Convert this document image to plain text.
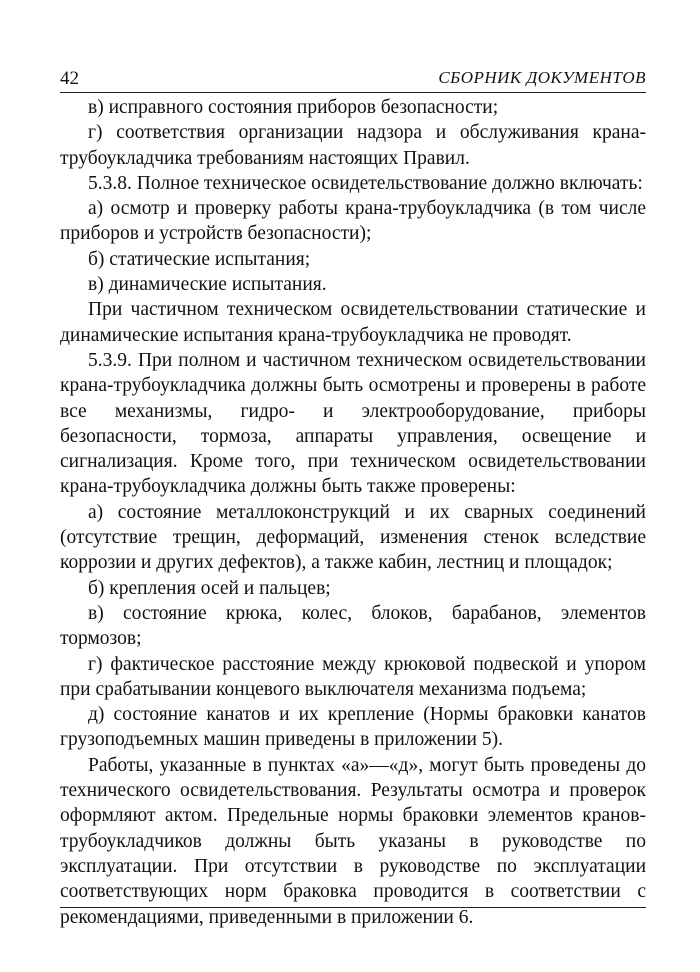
42	СБОРНИК ДОКУМЕНТОВ

в) исправного состояния приборов безопасности;

г) соответствия организации надзора и обслуживания крана-трубоукладчика требованиям настоящих Правил.

5.3.8. Полное техническое освидетельствование должно включать:

а) осмотр и проверку работы крана-трубоукладчика (в том числе приборов и устройств безопасности);

б) статические испытания;

в) динамические испытания.

При частичном техническом освидетельствовании статические и динамические испытания крана-трубоукладчика не проводят.

5.3.9. При полном и частичном техническом освидетельствовании крана-трубоукладчика должны быть осмотрены и проверены в работе все механизмы, гидро- и электрооборудование, приборы безопасности, тормоза, аппараты управления, освещение и сигнализация. Кроме того, при техническом освидетельствовании крана-трубоукладчика должны быть также проверены:

а) состояние металлоконструкций и их сварных соединений (отсутствие трещин, деформаций, изменения стенок вследствие коррозии и других дефектов), а также кабин, лестниц и площадок;

б) крепления осей и пальцев;

в) состояние крюка, колес, блоков, барабанов, элементов тормозов;

г) фактическое расстояние между крюковой подвеской и упором при срабатывании концевого выключателя механизма подъема;

д) состояние канатов и их крепление (Нормы браковки канатов грузоподъемных машин приведены в приложении 5).

Работы, указанные в пунктах «а»—«д», могут быть проведены до технического освидетельствования. Результаты осмотра и проверок оформляют актом. Предельные нормы браковки элементов кранов-трубоукладчиков должны быть указаны в руководстве по эксплуатации. При отсутствии в руководстве по эксплуатации соответствующих норм браковка проводится в соответствии с рекомендациями, приведенными в приложении 6.
